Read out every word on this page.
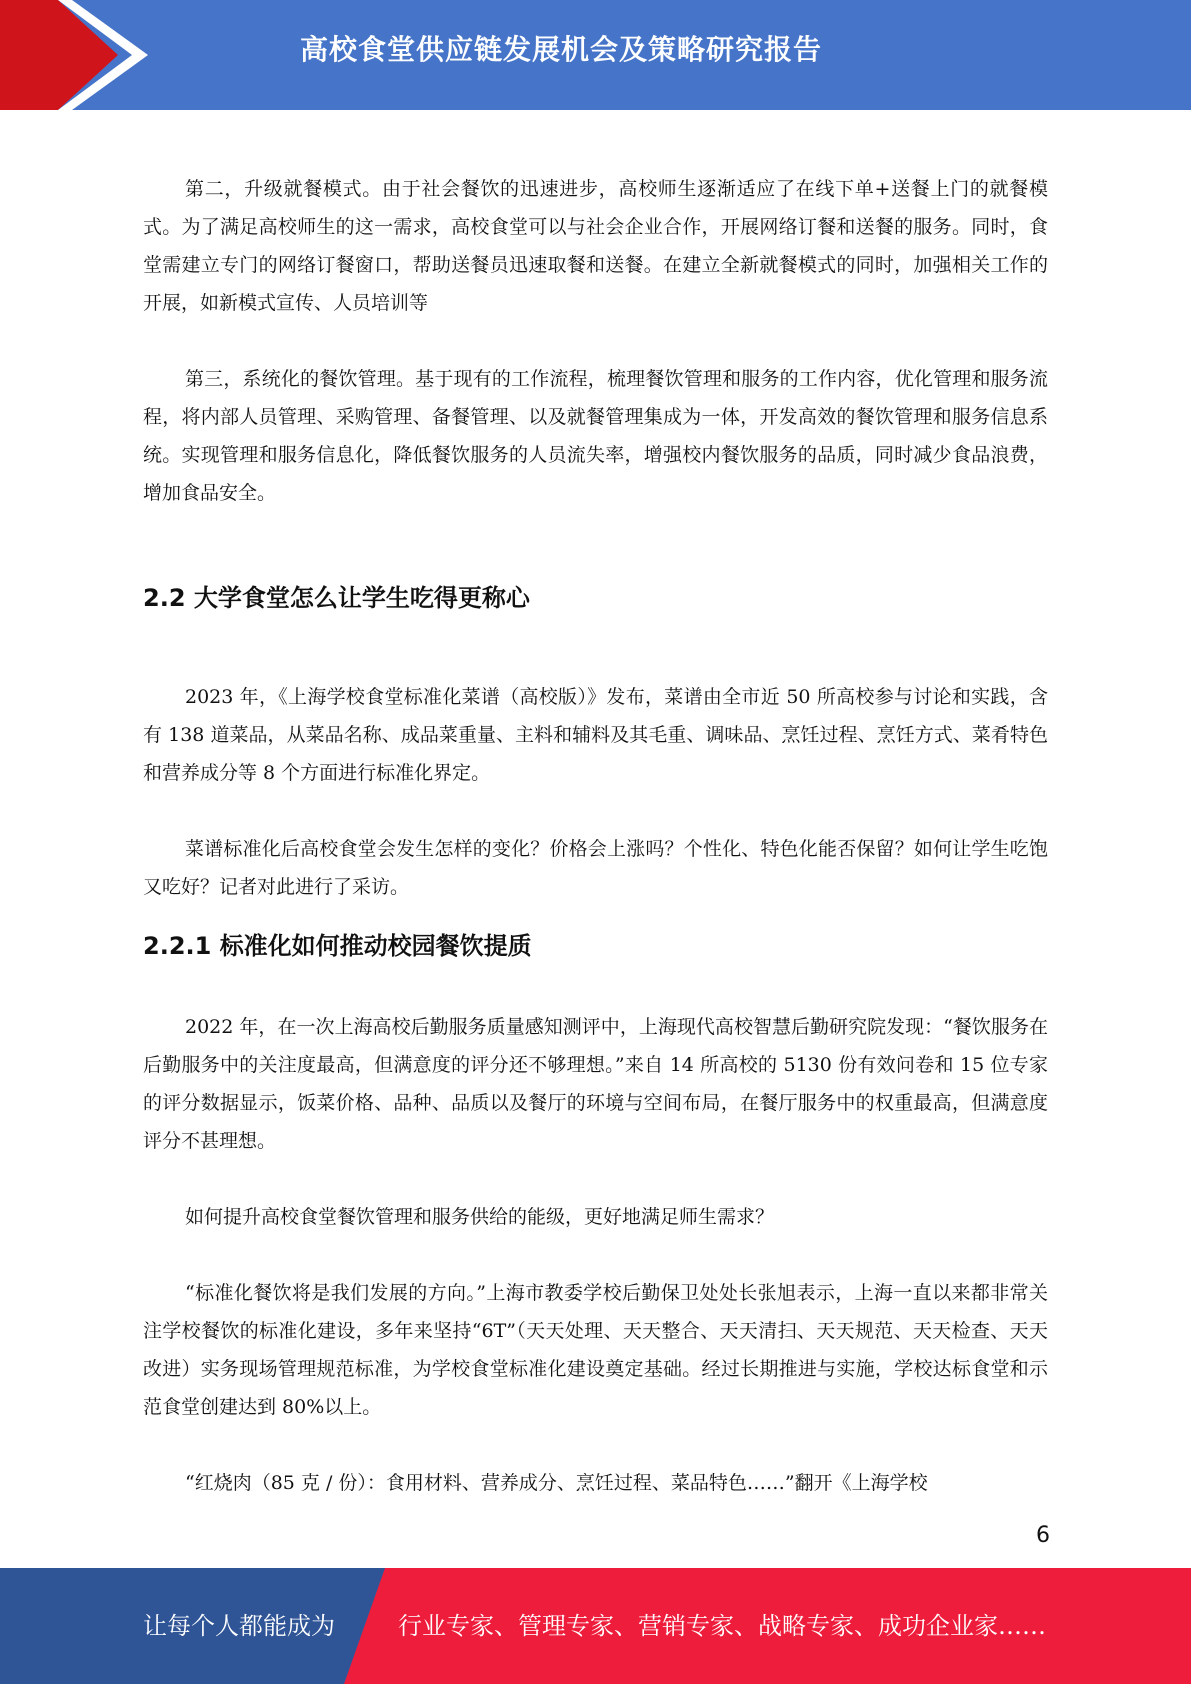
高校食堂供应链发展机会及策略研究报告

第二，升级就餐模式。由于社会餐饮的迅速进步，高校师生逐渐适应了在线下单+送餐上门的就餐模式。为了满足高校师生的这一需求，高校食堂可以与社会企业合作，开展网络订餐和送餐的服务。同时，食堂需建立专门的网络订餐窗口，帮助送餐员迅速取餐和送餐。在建立全新就餐模式的同时，加强相关工作的开展，如新模式宣传、人员培训等

第三，系统化的餐饮管理。基于现有的工作流程，梳理餐饮管理和服务的工作内容，优化管理和服务流程，将内部人员管理、采购管理、备餐管理、以及就餐管理集成为一体，开发高效的餐饮管理和服务信息系统。实现管理和服务信息化，降低餐饮服务的人员流失率，增强校内餐饮服务的品质，同时减少食品浪费，增加食品安全。

2.2 大学食堂怎么让学生吃得更称心

2023 年，《上海学校食堂标准化菜谱（高校版）》发布，菜谱由全市近 50 所高校参与讨论和实践，含有 138 道菜品，从菜品名称、成品菜重量、主料和辅料及其毛重、调味品、烹饪过程、烹饪方式、菜肴特色和营养成分等 8 个方面进行标准化界定。

菜谱标准化后高校食堂会发生怎样的变化？价格会上涨吗？个性化、特色化能否保留？如何让学生吃饱又吃好？记者对此进行了采访。

2.2.1 标准化如何推动校园餐饮提质

2022 年，在一次上海高校后勤服务质量感知测评中，上海现代高校智慧后勤研究院发现：“餐饮服务在后勤服务中的关注度最高，但满意度的评分还不够理想。”来自 14 所高校的 5130 份有效问卷和 15 位专家的评分数据显示，饭菜价格、品种、品质以及餐厅的环境与空间布局，在餐厅服务中的权重最高，但满意度评分不甚理想。

如何提升高校食堂餐饮管理和服务供给的能级，更好地满足师生需求？

“标准化餐饮将是我们发展的方向。”上海市教委学校后勤保卫处处长张旭表示，上海一直以来都非常关注学校餐饮的标准化建设，多年来坚持“6T”（天天处理、天天整合、天天清扫、天天规范、天天检查、天天改进）实务现场管理规范标准，为学校食堂标准化建设奠定基础。经过长期推进与实施，学校达标食堂和示范食堂创建达到 80%以上。

“红烧肉（85 克 / 份）：食用材料、营养成分、烹饪过程、菜品特色……”翻开《上海学校

6
让每个人都能成为	行业专家、管理专家、营销专家、战略专家、成功企业家……
